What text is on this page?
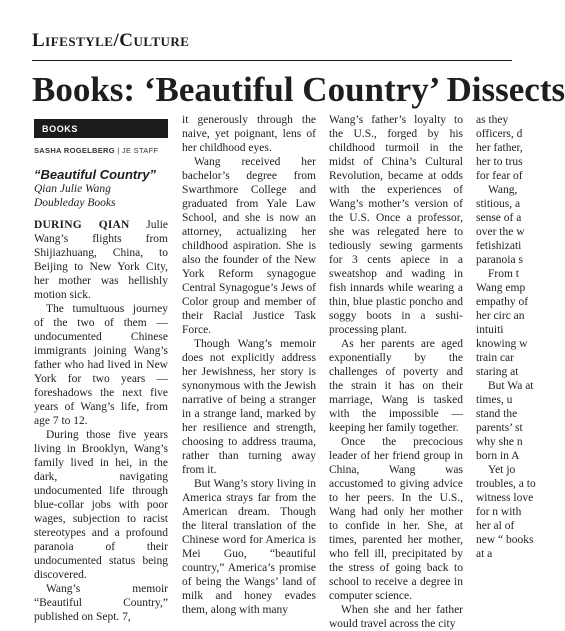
Lifestyle/Culture
Books: ‘Beautiful Country’ Dissects
BOOKS
SASHA ROGELBERG | JE STAFF
“Beautiful Country”
Qian Julie Wang
Doubleday Books

DURING QIAN Julie Wang’s flights from Shijiazhuang, China, to Beijing to New York City, her mother was hellishly motion sick.

The tumultuous journey of the two of them — undocumented Chinese immigrants joining Wang’s father who had lived in New York for two years — foreshadows the next five years of Wang’s life, from age 7 to 12.

During those five years living in Brooklyn, Wang’s family lived in hei, in the dark, navigating undocumented life through blue-collar jobs with poor wages, subjection to racist stereotypes and a profound paranoia of their undocumented status being discovered.

Wang’s memoir “Beautiful Country,” published on Sept. 7,

it generously through the naive, yet poignant, lens of her childhood eyes.

Wang received her bachelor’s degree from Swarthmore College and graduated from Yale Law School, and she is now an attorney, actualizing her childhood aspiration. She is also the founder of the New York Reform synagogue Central Synagogue’s Jews of Color group and member of their Racial Justice Task Force.

Though Wang’s memoir does not explicitly address her Jewishness, her story is synonymous with the Jewish narrative of being a stranger in a strange land, marked by her resilience and strength, choosing to address trauma, rather than turning away from it.

But Wang’s story living in America strays far from the American dream. Though the literal translation of the Chinese word for America is Mei Guo, “beautiful country,” America’s promise of being the Wangs’ land of milk and honey evades them, along with many

Wang’s father’s loyalty to the U.S., forged by his childhood turmoil in the midst of China’s Cultural Revolution, became at odds with the experiences of Wang’s mother’s version of the U.S. Once a professor, she was relegated here to tediously sewing garments for 3 cents apiece in a sweatshop and wading in fish innards while wearing a thin, blue plastic poncho and soggy boots in a sushi-processing plant.

As her parents are aged exponentially by the challenges of poverty and the strain it has on their marriage, Wang is tasked with the impossible — keeping her family together.

Once the precocious leader of her friend group in China, Wang was accustomed to giving advice to her peers. In the U.S., Wang had only her mother to confide in her. She, at times, parented her mother, who fell ill, precipitated by the stress of going back to school to receive a degree in computer science.

When she and her father would travel across the city

as they officers, d her father, her to trus for fear of

Wang, stitious, a sense of a over the w fetishizati paranoia s

From t Wang emp empathy of her circ an intuiti knowing w train car staring at

But Wa at times, u stand the parents’ st why she n born in A

Yet jo troubles, a to witness love for n with her al of new “ books at a
